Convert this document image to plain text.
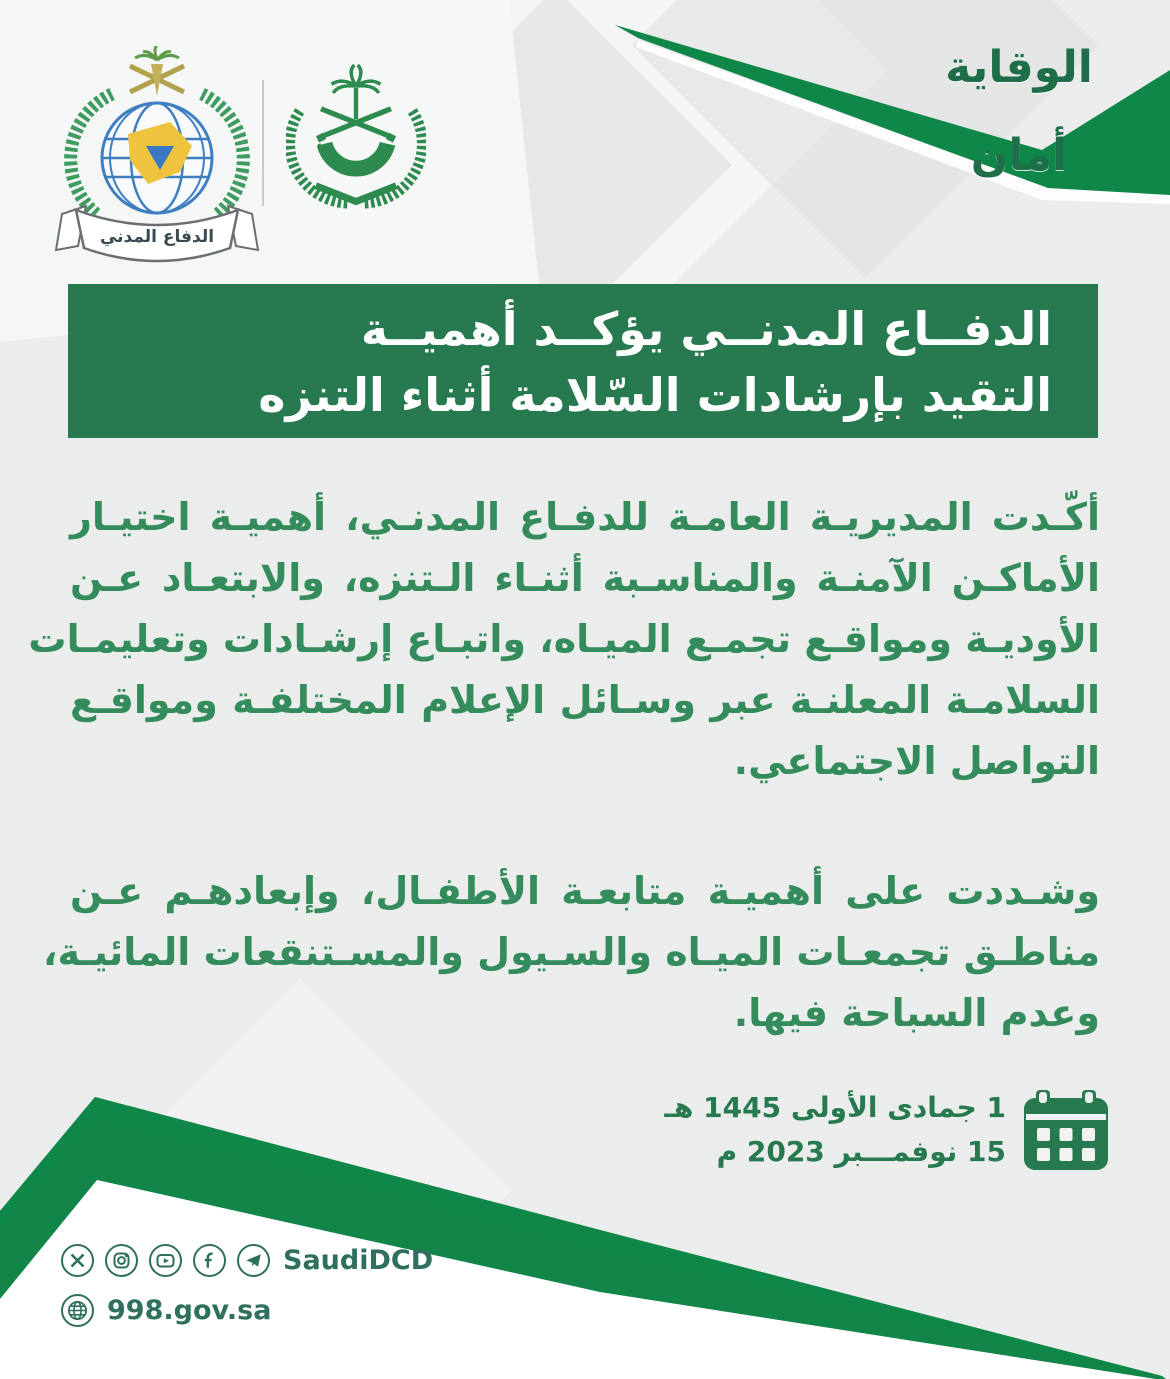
الوقاية أمان
الدفاع المدني
الدفــاع المدنــي يؤكــد أهميــة
التقيد بإرشادات السّلامة أثناء التنزه
أكّـدت المديريـة العامـة للدفـاع المدنـي، أهميـة اختيـار
الأماكـن الآمنـة والمناسـبة أثنـاء الـتنزه، والابتعـاد عـن
الأوديـة ومواقـع تجمـع الميـاه، واتبـاع إرشـادات وتعليمـات
السلامـة المعلنـة عبر وسـائل الإعلام المختلفـة ومواقـع
التواصل الاجتماعي.
وشـددت على أهميـة متابعـة الأطفـال، وإبعادهـم عـن
مناطـق تجمعـات الميـاه والسـيول والمسـتنقعات المائيـة،
وعدم السباحة فيها.
1 جمادى الأولى 1445 هـ
15 نوفمـــبر 2023 م
SaudiDCD
998.gov.sa
